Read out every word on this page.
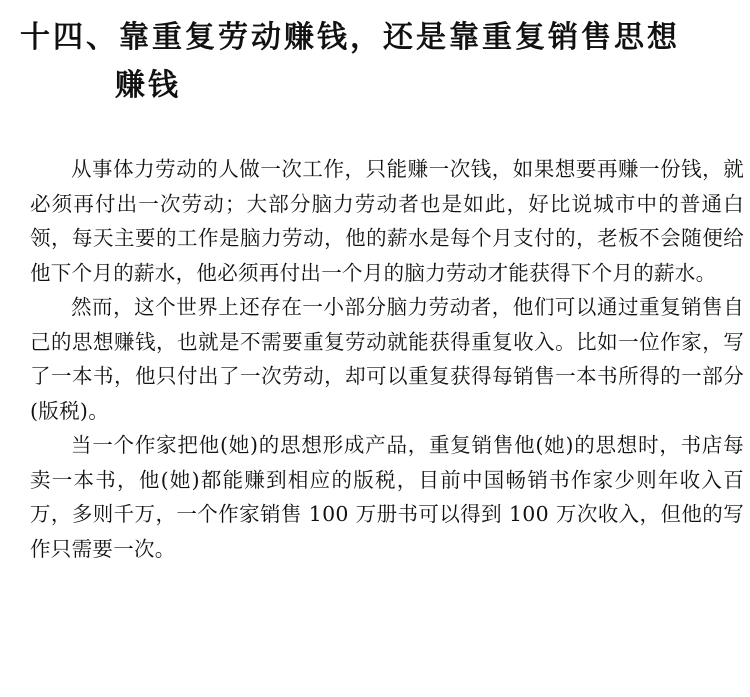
十四、靠重复劳动赚钱，还是靠重复销售思想
赚钱

从事体力劳动的人做一次工作，只能赚一次钱，如果想要再赚一份钱，就必须再付出一次劳动；大部分脑力劳动者也是如此，好比说城市中的普通白领，每天主要的工作是脑力劳动，他的薪水是每个月支付的，老板不会随便给他下个月的薪水，他必须再付出一个月的脑力劳动才能获得下个月的薪水。

然而，这个世界上还存在一小部分脑力劳动者，他们可以通过重复销售自己的思想赚钱，也就是不需要重复劳动就能获得重复收入。比如一位作家，写了一本书，他只付出了一次劳动，却可以重复获得每销售一本书所得的一部分(版税)。

当一个作家把他(她)的思想形成产品，重复销售他(她)的思想时，书店每卖一本书，他(她)都能赚到相应的版税，目前中国畅销书作家少则年收入百万，多则千万，一个作家销售 100 万册书可以得到 100 万次收入，但他的写作只需要一次。
